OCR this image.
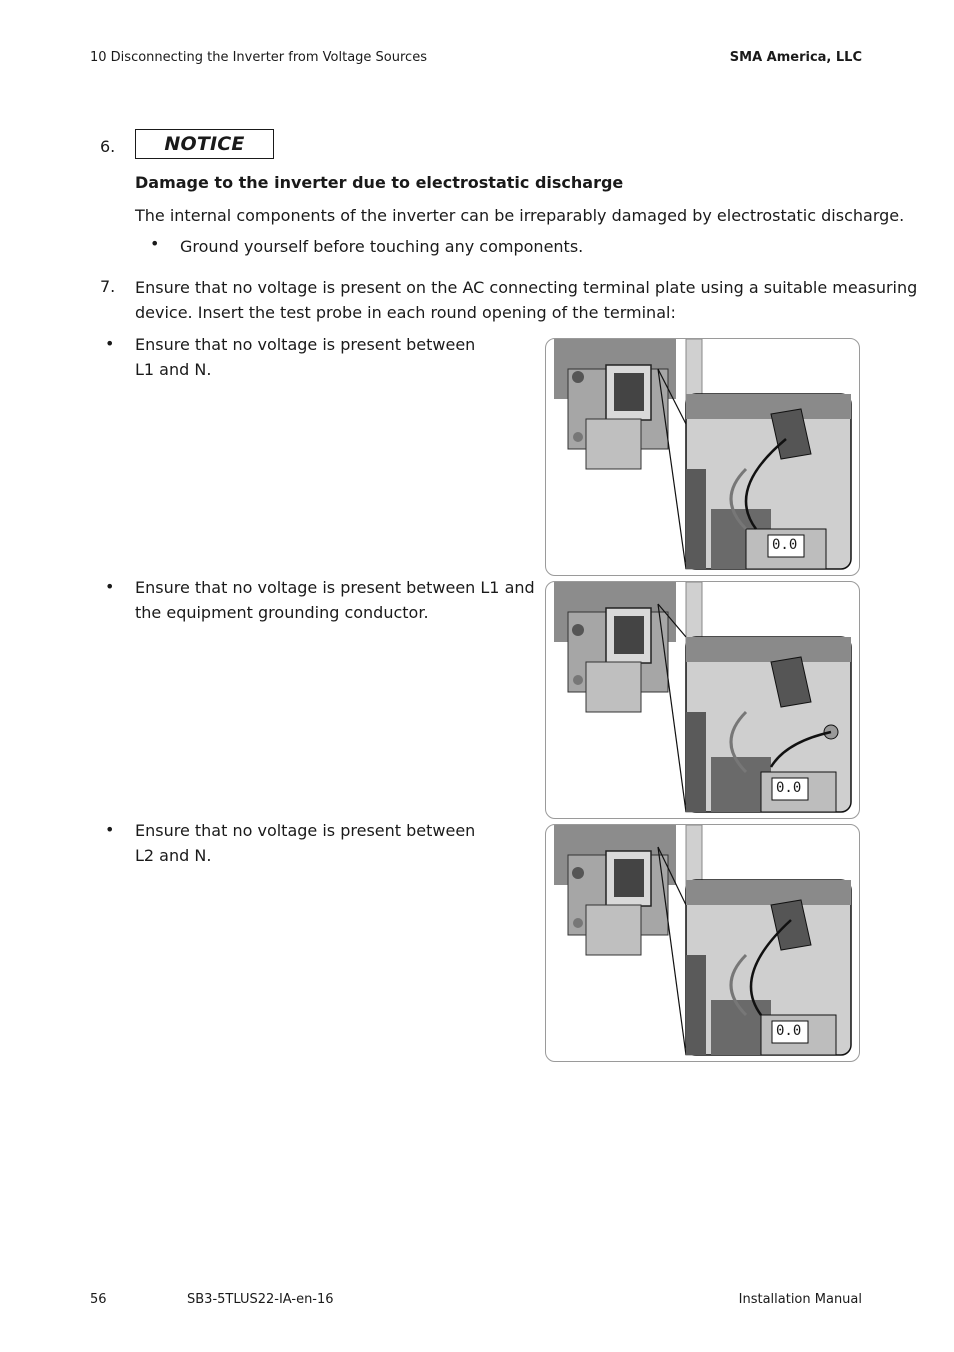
10 Disconnecting the Inverter from Voltage Sources	SMA America, LLC
6.	NOTICE
Damage to the inverter due to electrostatic discharge
The internal components of the inverter can be irreparably damaged by electrostatic discharge.
• Ground yourself before touching any components.
7. Ensure that no voltage is present on the AC connecting terminal plate using a suitable measuring
device. Insert the test probe in each round opening of the terminal:
• Ensure that no voltage is present between
L1 and N.
• Ensure that no voltage is present between L1 and
the equipment grounding conductor.
• Ensure that no voltage is present between
L2 and N.
0.0
0.0
0.0
56	SB3-5TLUS22-IA-en-16	Installation Manual
